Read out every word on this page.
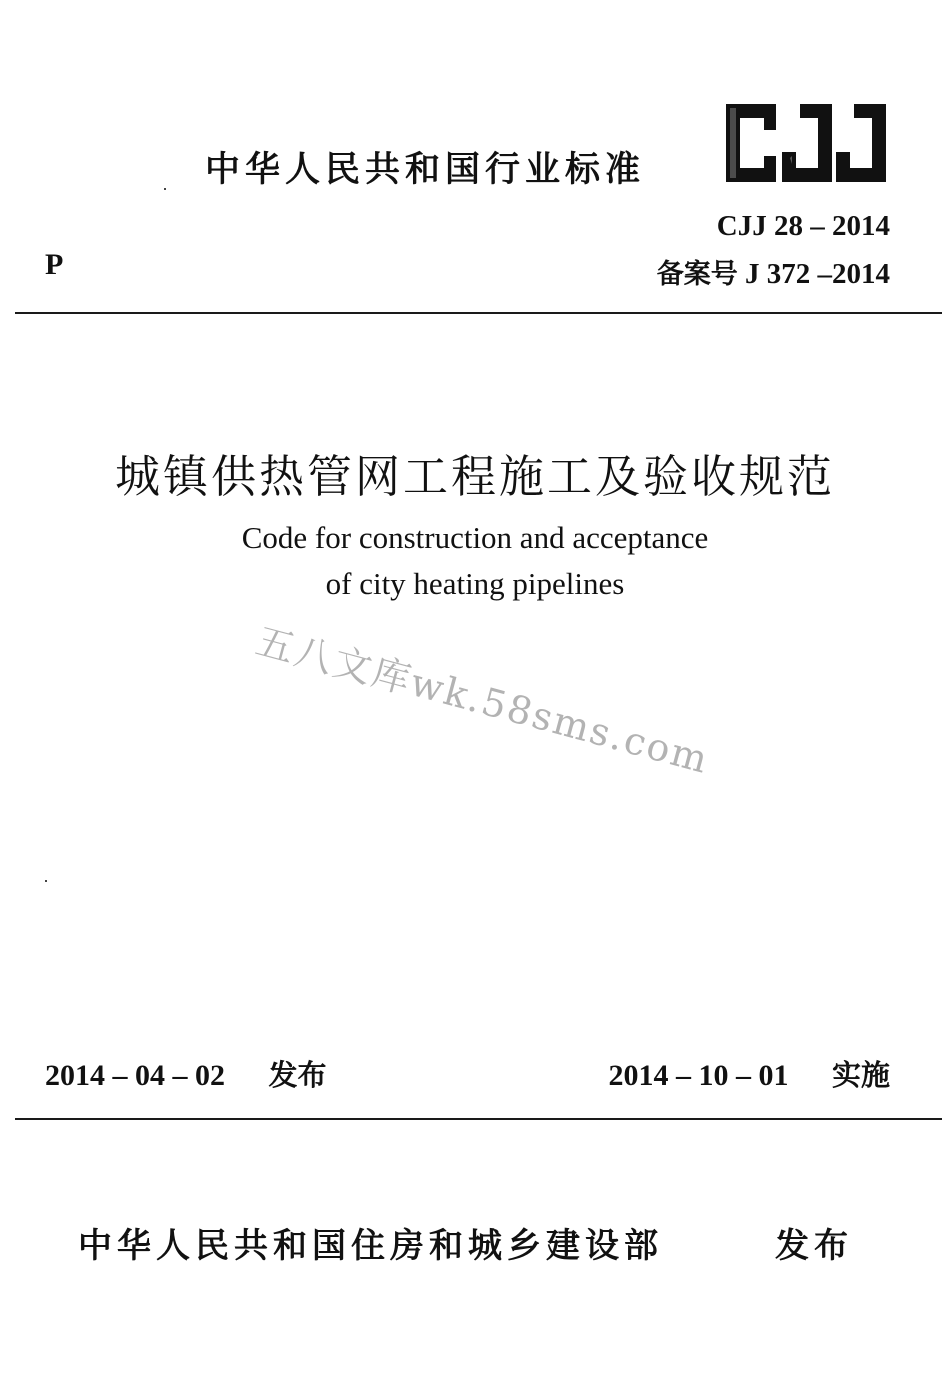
中华人民共和国行业标准
CJJ 28 – 2014
备案号 J 372 –2014
P
城镇供热管网工程施工及验收规范
Code for construction and acceptance
of city heating pipelines
五八文库wk.58sms.com
2014 – 04 – 02 发布	2014 – 10 – 01 实施
中华人民共和国住房和城乡建设部	发布
